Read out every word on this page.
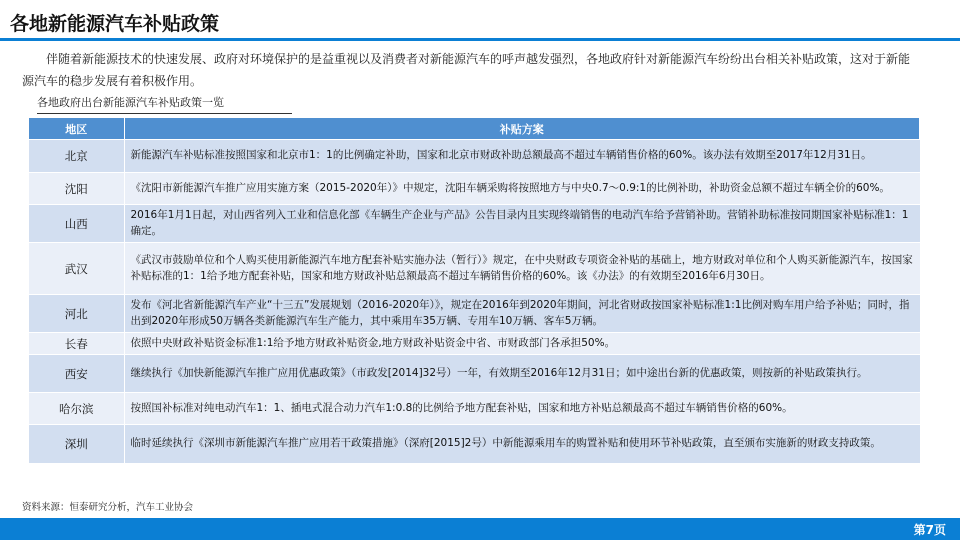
各地新能源汽车补贴政策

伴随着新能源技术的快速发展、政府对环境保护的是益重视以及消费者对新能源汽车的呼声越发强烈，各地政府针对新能源汽车纷纷出台相关补贴政策，这对于新能源汽车的稳步发展有着积极作用。

各地政府出台新能源汽车补贴政策一览

地区	补贴方案
北京	新能源汽车补贴标准按照国家和北京市1：1的比例确定补助，国家和北京市财政补助总额最高不超过车辆销售价格的60%。该办法有效期至2017年12月31日。
沈阳	《沈阳市新能源汽车推广应用实施方案（2015-2020年）》中规定，沈阳车辆采购将按照地方与中央0.7～0.9:1的比例补助，补助资金总额不超过车辆全价的60%。
山西	2016年1月1日起，对山西省列入工业和信息化部《车辆生产企业与产品》公告目录内且实现终端销售的电动汽车给予营销补助。营销补助标准按同期国家补贴标准1：1确定。
武汉	《武汉市鼓励单位和个人购买使用新能源汽车地方配套补贴实施办法（暂行）》规定，在中央财政专项资金补贴的基础上，地方财政对单位和个人购买新能源汽车，按国家补贴标准的1：1给予地方配套补贴，国家和地方财政补贴总额最高不超过车辆销售价格的60%。该《办法》的有效期至2016年6月30日。
河北	发布《河北省新能源汽车产业“十三五”发展规划（2016-2020年）》，规定在2016年到2020年期间，河北省财政按国家补贴标准1:1比例对购车用户给予补贴；同时，指出到2020年形成50万辆各类新能源汽车生产能力，其中乘用车35万辆、专用车10万辆、客车5万辆。
长春	依照中央财政补贴资金标准1:1给予地方财政补贴资金,地方财政补贴资金中省、市财政部门各承担50%。
西安	继续执行《加快新能源汽车推广应用优惠政策》（市政发[2014]32号）一年，有效期至2016年12月31日；如中途出台新的优惠政策，则按新的补贴政策执行。
哈尔滨	按照国补标准对纯电动汽车1：1、插电式混合动力汽车1:0.8的比例给予地方配套补贴，国家和地方补贴总额最高不超过车辆销售价格的60%。
深圳	临时延续执行《深圳市新能源汽车推广应用若干政策措施》（深府[2015]2号）中新能源乘用车的购置补贴和使用环节补贴政策，直至颁布实施新的财政支持政策。

资料来源：恒泰研究分析，汽车工业协会

第7页
